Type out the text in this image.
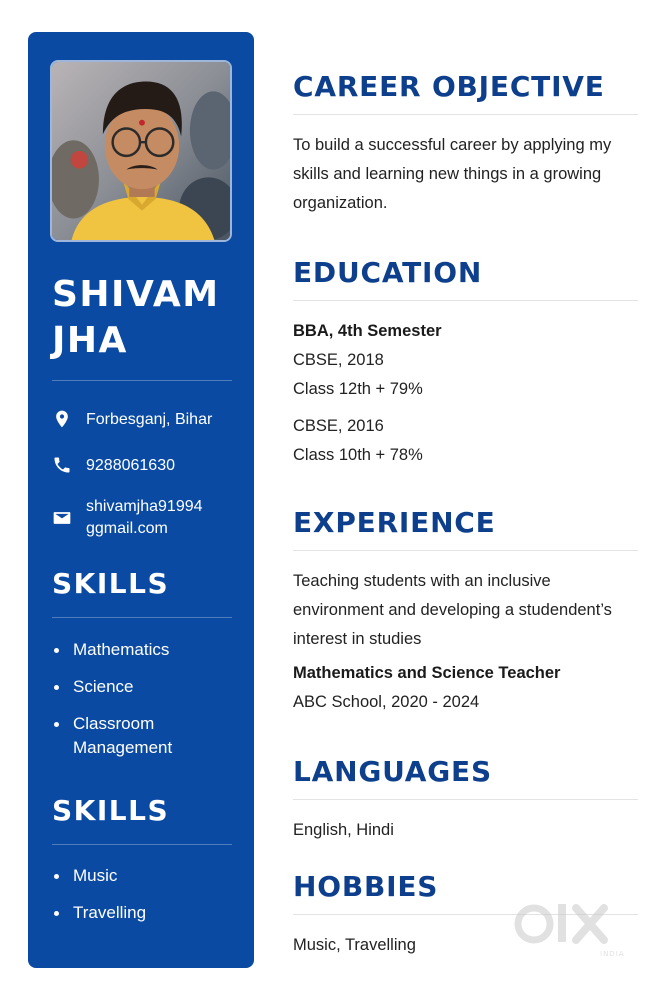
SHIVAM
JHA
Forbesganj, Bihar
9288061630
shivamjha91994
ggmail.com
SKILLS
Mathematics
Science
Classroom
Management
SKILLS
Music
Travelling
CAREER OBJECTIVE
To build a successful career by applying my
skills and learning new things in a growing
organization.
EDUCATION
BBA, 4th Semester
CBSE, 2018
Class 12th + 79%
CBSE, 2016
Class 10th + 78%
EXPERIENCE
Teaching students with an inclusive
environment and developing a studendent’s
interest in studies
Mathematics and Science Teacher
ABC School, 2020 - 2024
LANGUAGES
English, Hindi
HOBBIES
Music, Travelling	INDIA
